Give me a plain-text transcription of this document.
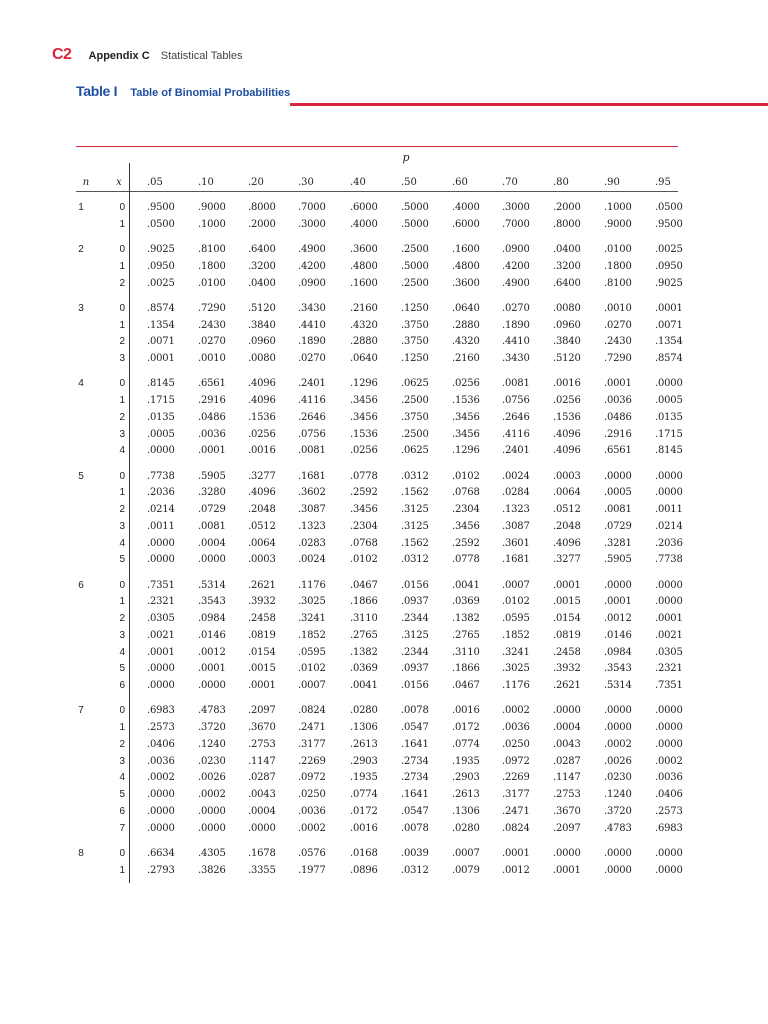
C2 Appendix C Statistical Tables
Table I Table of Binomial Probabilities
p
n	x	.05	.10	.20	.30	.40	.50	.60	.70	.80	.90	.95
1	0 .9500 .9000 .8000 .7000 .6000 .5000 .4000 .3000 .2000 .1000 .0500
1 .0500 .1000 .2000 .3000 .4000 .5000 .6000 .7000 .8000 .9000 .9500
2	0 .9025 .8100 .6400 .4900 .3600 .2500 .1600 .0900 .0400 .0100 .0025
1 .0950 .1800 .3200 .4200 .4800 .5000 .4800 .4200 .3200 .1800 .0950
2 .0025 .0100 .0400 .0900 .1600 .2500 .3600 .4900 .6400 .8100 .9025
3	0 .8574 .7290 .5120 .3430 .2160 .1250 .0640 .0270 .0080 .0010 .0001
1 .1354 .2430 .3840 .4410 .4320 .3750 .2880 .1890 .0960 .0270 .0071
2 .0071 .0270 .0960 .1890 .2880 .3750 .4320 .4410 .3840 .2430 .1354
3 .0001 .0010 .0080 .0270 .0640 .1250 .2160 .3430 .5120 .7290 .8574
4	0 .8145 .6561 .4096 .2401 .1296 .0625 .0256 .0081 .0016 .0001 .0000
1 .1715 .2916 .4096 .4116 .3456 .2500 .1536 .0756 .0256 .0036 .0005
2 .0135 .0486 .1536 .2646 .3456 .3750 .3456 .2646 .1536 .0486 .0135
3 .0005 .0036 .0256 .0756 .1536 .2500 .3456 .4116 .4096 .2916 .1715
4 .0000 .0001 .0016 .0081 .0256 .0625 .1296 .2401 .4096 .6561 .8145
5	0 .7738 .5905 .3277 .1681 .0778 .0312 .0102 .0024 .0003 .0000 .0000
1 .2036 .3280 .4096 .3602 .2592 .1562 .0768 .0284 .0064 .0005 .0000
2 .0214 .0729 .2048 .3087 .3456 .3125 .2304 .1323 .0512 .0081 .0011
3 .0011 .0081 .0512 .1323 .2304 .3125 .3456 .3087 .2048 .0729 .0214
4 .0000 .0004 .0064 .0283 .0768 .1562 .2592 .3601 .4096 .3281 .2036
5 .0000 .0000 .0003 .0024 .0102 .0312 .0778 .1681 .3277 .5905 .7738
6	0 .7351 .5314 .2621 .1176 .0467 .0156 .0041 .0007 .0001 .0000 .0000
1 .2321 .3543 .3932 .3025 .1866 .0937 .0369 .0102 .0015 .0001 .0000
2 .0305 .0984 .2458 .3241 .3110 .2344 .1382 .0595 .0154 .0012 .0001
3 .0021 .0146 .0819 .1852 .2765 .3125 .2765 .1852 .0819 .0146 .0021
4 .0001 .0012 .0154 .0595 .1382 .2344 .3110 .3241 .2458 .0984 .0305
5 .0000 .0001 .0015 .0102 .0369 .0937 .1866 .3025 .3932 .3543 .2321
6 .0000 .0000 .0001 .0007 .0041 .0156 .0467 .1176 .2621 .5314 .7351
7	0 .6983 .4783 .2097 .0824 .0280 .0078 .0016 .0002 .0000 .0000 .0000
1 .2573 .3720 .3670 .2471 .1306 .0547 .0172 .0036 .0004 .0000 .0000
2 .0406 .1240 .2753 .3177 .2613 .1641 .0774 .0250 .0043 .0002 .0000
3 .0036 .0230 .1147 .2269 .2903 .2734 .1935 .0972 .0287 .0026 .0002
4 .0002 .0026 .0287 .0972 .1935 .2734 .2903 .2269 .1147 .0230 .0036
5 .0000 .0002 .0043 .0250 .0774 .1641 .2613 .3177 .2753 .1240 .0406
6 .0000 .0000 .0004 .0036 .0172 .0547 .1306 .2471 .3670 .3720 .2573
7 .0000 .0000 .0000 .0002 .0016 .0078 .0280 .0824 .2097 .4783 .6983
8	0 .6634 .4305 .1678 .0576 .0168 .0039 .0007 .0001 .0000 .0000 .0000
1 .2793 .3826 .3355 .1977 .0896 .0312 .0079 .0012 .0001 .0000 .0000
